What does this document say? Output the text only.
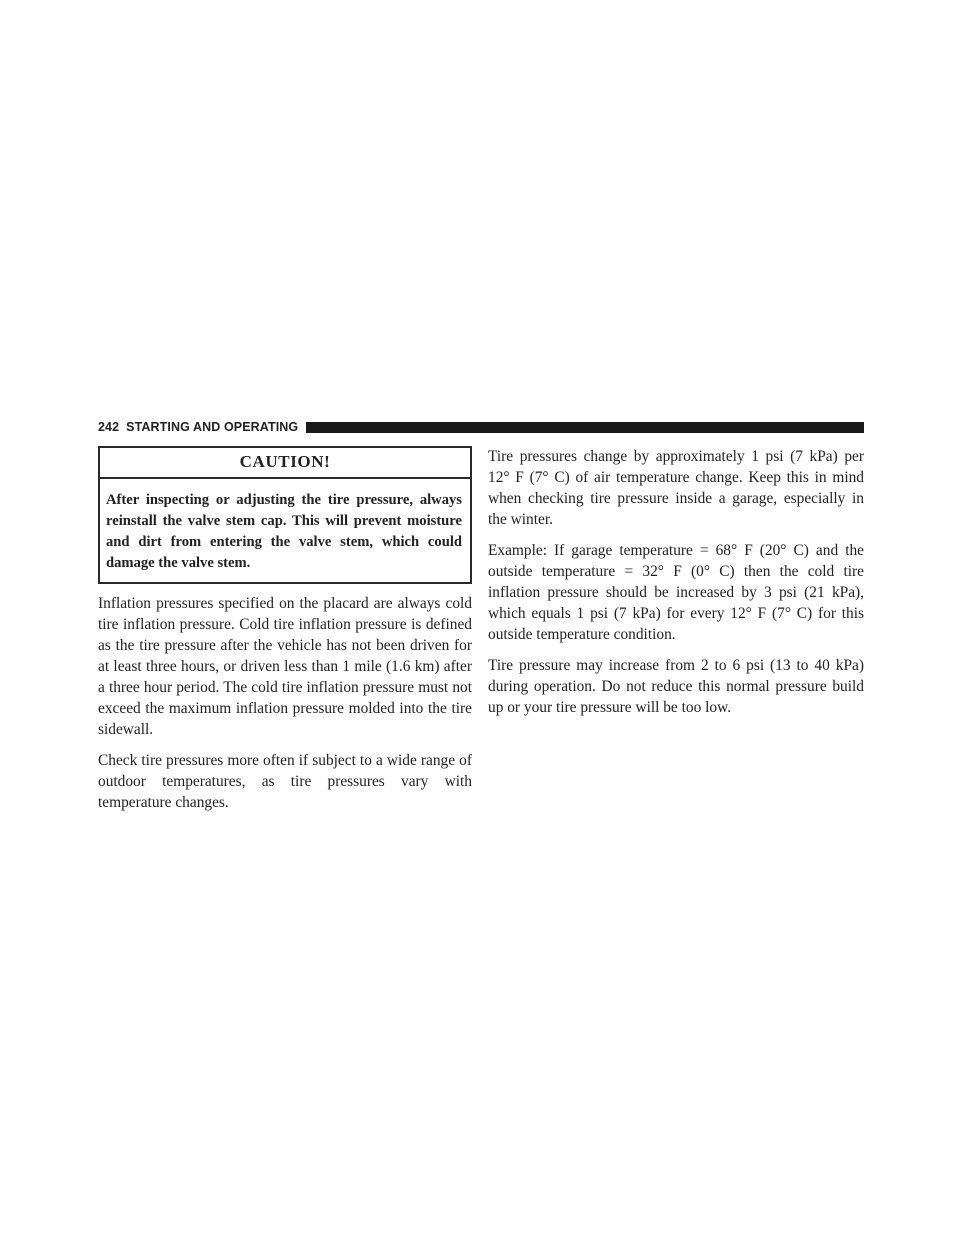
242 STARTING AND OPERATING
CAUTION!
After inspecting or adjusting the tire pressure, always reinstall the valve stem cap. This will prevent moisture and dirt from entering the valve stem, which could damage the valve stem.

Inflation pressures specified on the placard are always cold tire inflation pressure. Cold tire inflation pressure is defined as the tire pressure after the vehicle has not been driven for at least three hours, or driven less than 1 mile (1.6 km) after a three hour period. The cold tire inflation pressure must not exceed the maximum inflation pressure molded into the tire sidewall.

Check tire pressures more often if subject to a wide range of outdoor temperatures, as tire pressures vary with temperature changes.

Tire pressures change by approximately 1 psi (7 kPa) per 12° F (7° C) of air temperature change. Keep this in mind when checking tire pressure inside a garage, especially in the winter.

Example: If garage temperature = 68° F (20° C) and the outside temperature = 32° F (0° C) then the cold tire inflation pressure should be increased by 3 psi (21 kPa), which equals 1 psi (7 kPa) for every 12° F (7° C) for this outside temperature condition.

Tire pressure may increase from 2 to 6 psi (13 to 40 kPa) during operation. Do not reduce this normal pressure build up or your tire pressure will be too low.
